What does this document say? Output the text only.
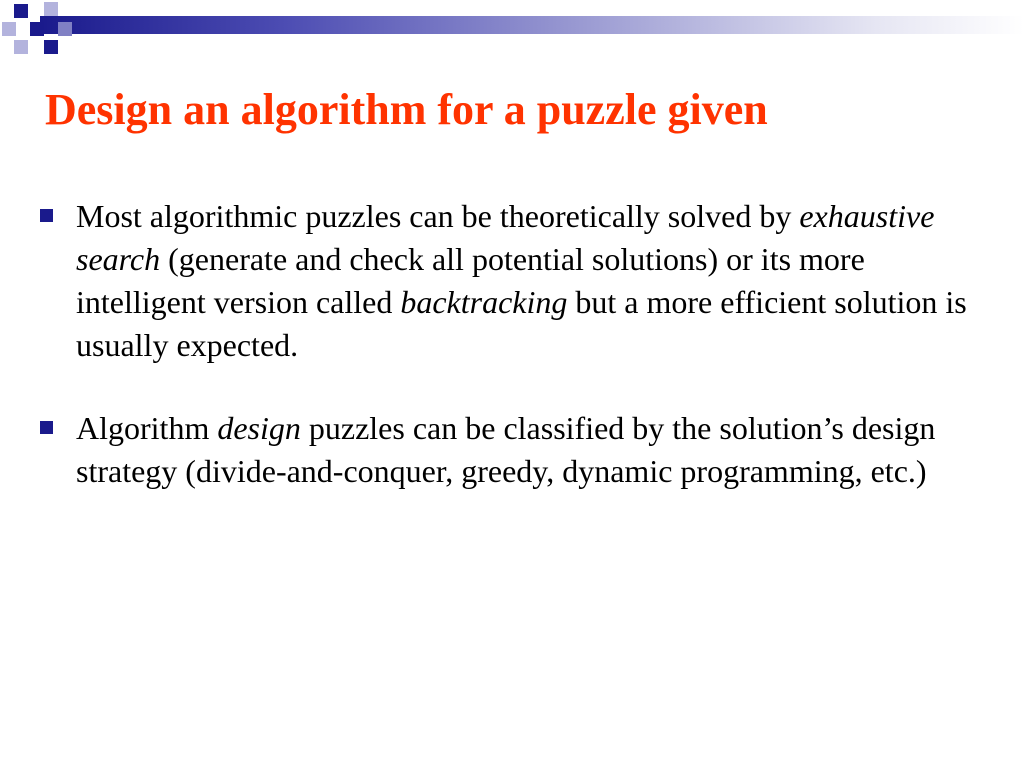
Design an algorithm for a puzzle given
Most algorithmic puzzles can be theoretically solved by exhaustive search (generate and check all potential solutions) or its more intelligent version called backtracking but a more efficient solution is usually expected.
Algorithm design puzzles can be classified by the solution’s design strategy (divide-and-conquer, greedy, dynamic programming, etc.)
